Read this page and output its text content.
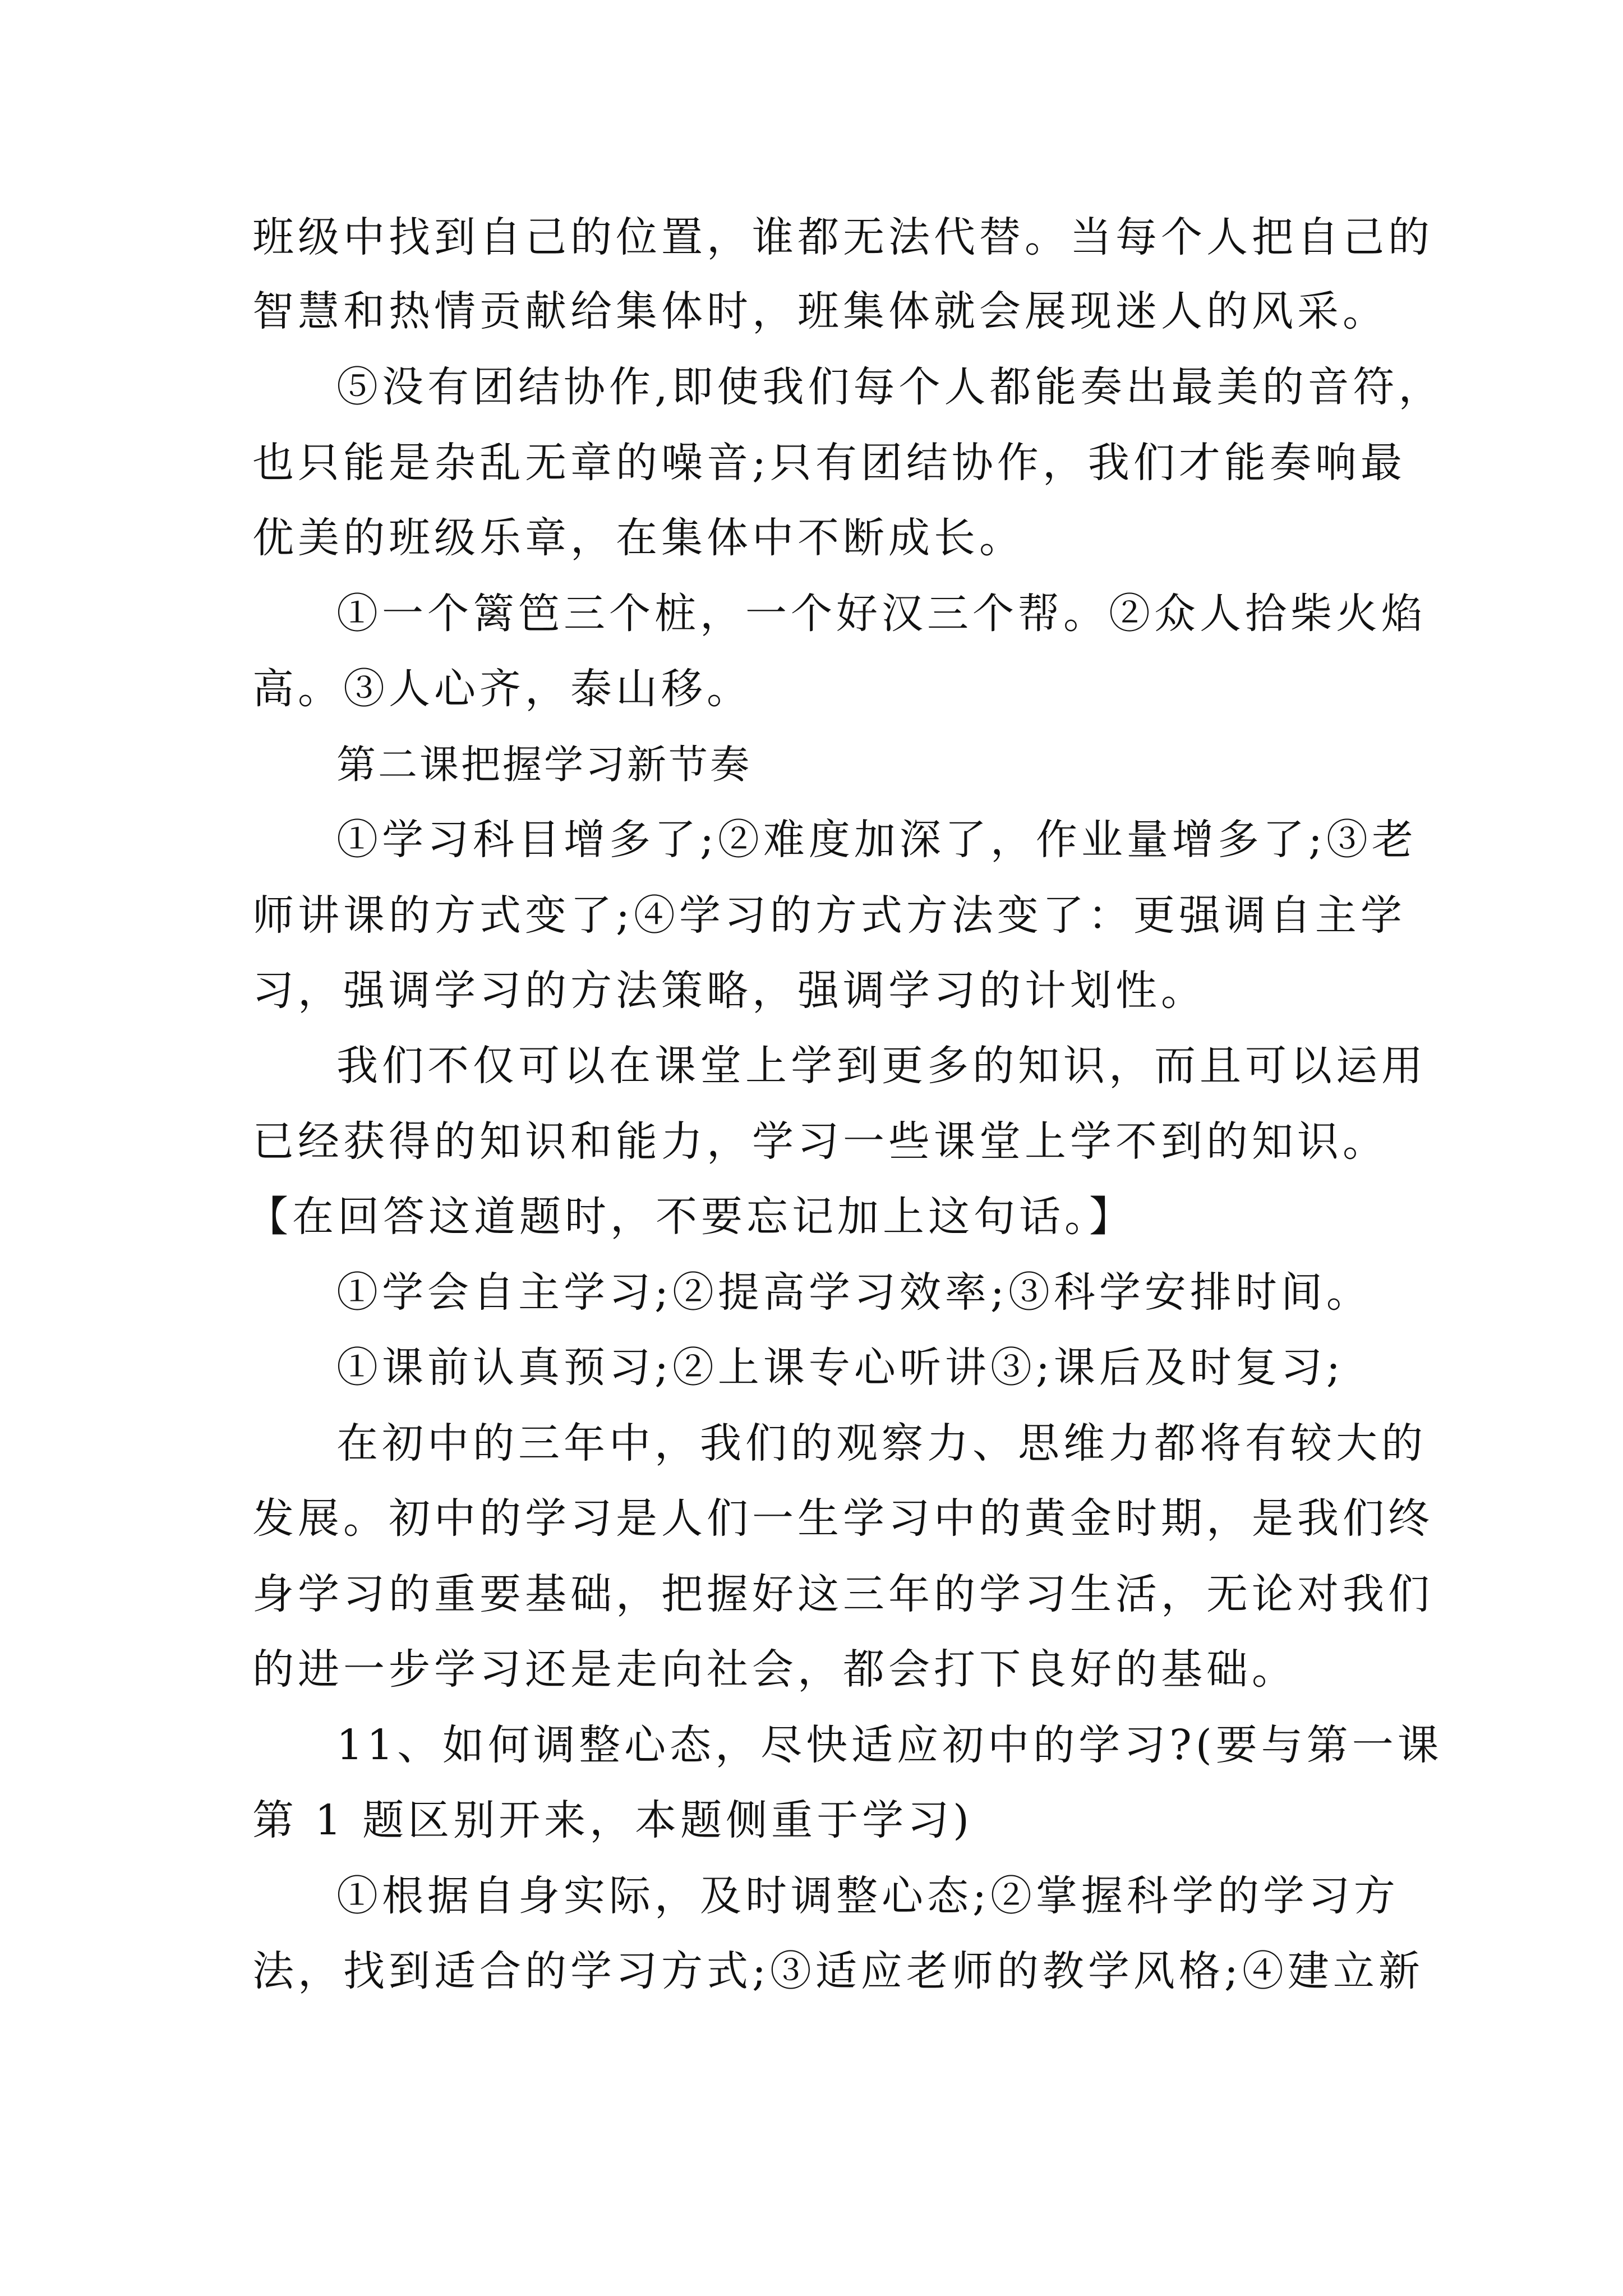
班级中找到自己的位置，谁都无法代替。当每个人把自己的
智慧和热情贡献给集体时，班集体就会展现迷人的风采。
⑤没有团结协作,即使我们每个人都能奏出最美的音符，
也只能是杂乱无章的噪音;只有团结协作，我们才能奏响最
优美的班级乐章，在集体中不断成长。
①一个篱笆三个桩，一个好汉三个帮。②众人拾柴火焰
高。③人心齐，泰山移。
第二课把握学习新节奏
①学习科目增多了;②难度加深了，作业量增多了;③老
师讲课的方式变了;④学习的方式方法变了：更强调自主学
习，强调学习的方法策略，强调学习的计划性。
我们不仅可以在课堂上学到更多的知识，而且可以运用
已经获得的知识和能力，学习一些课堂上学不到的知识。
【在回答这道题时，不要忘记加上这句话。】
①学会自主学习;②提高学习效率;③科学安排时间。
①课前认真预习;②上课专心听讲③;课后及时复习;
在初中的三年中，我们的观察力、思维力都将有较大的
发展。初中的学习是人们一生学习中的黄金时期，是我们终
身学习的重要基础，把握好这三年的学习生活，无论对我们
的进一步学习还是走向社会，都会打下良好的基础。
11、如何调整心态，尽快适应初中的学习?(要与第一课
第 1 题区别开来，本题侧重于学习)
①根据自身实际，及时调整心态;②掌握科学的学习方
法，找到适合的学习方式;③适应老师的教学风格;④建立新
